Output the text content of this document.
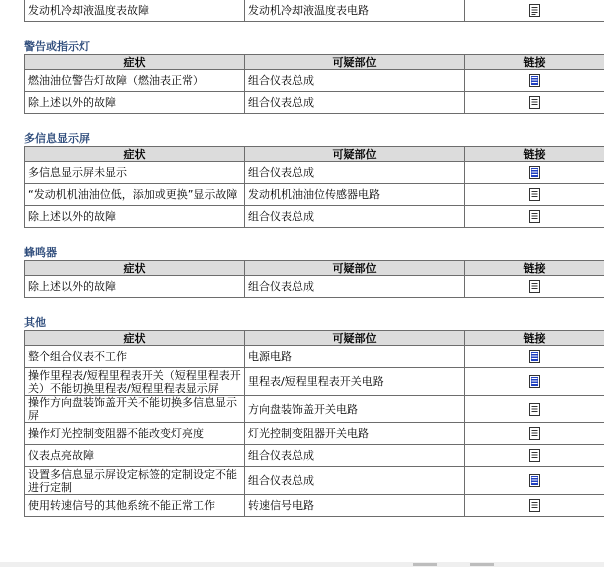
发动机冷却液温度表故障	发动机冷却液温度表电路	
警告或指示灯
症状	可疑部位	链接
燃油油位警告灯故障（燃油表正常）	组合仪表总成	
除上述以外的故障	组合仪表总成	
多信息显示屏
症状	可疑部位	链接
多信息显示屏未显示	组合仪表总成	
“发动机机油油位低，添加或更换”显示故障	发动机机油油位传感器电路	
除上述以外的故障	组合仪表总成	
蜂鸣器
症状	可疑部位	链接
除上述以外的故障	组合仪表总成	
其他
症状	可疑部位	链接
整个组合仪表不工作	电源电路	
操作里程表/短程里程表开关（短程里程表开关）不能切换里程表/短程里程表显示屏	里程表/短程里程表开关电路	
操作方向盘装饰盖开关不能切换多信息显示屏	方向盘装饰盖开关电路	
操作灯光控制变阻器不能改变灯亮度	灯光控制变阻器开关电路	
仪表点亮故障	组合仪表总成	
设置多信息显示屏设定标签的定制设定不能进行定制	组合仪表总成	
使用转速信号的其他系统不能正常工作	转速信号电路	
